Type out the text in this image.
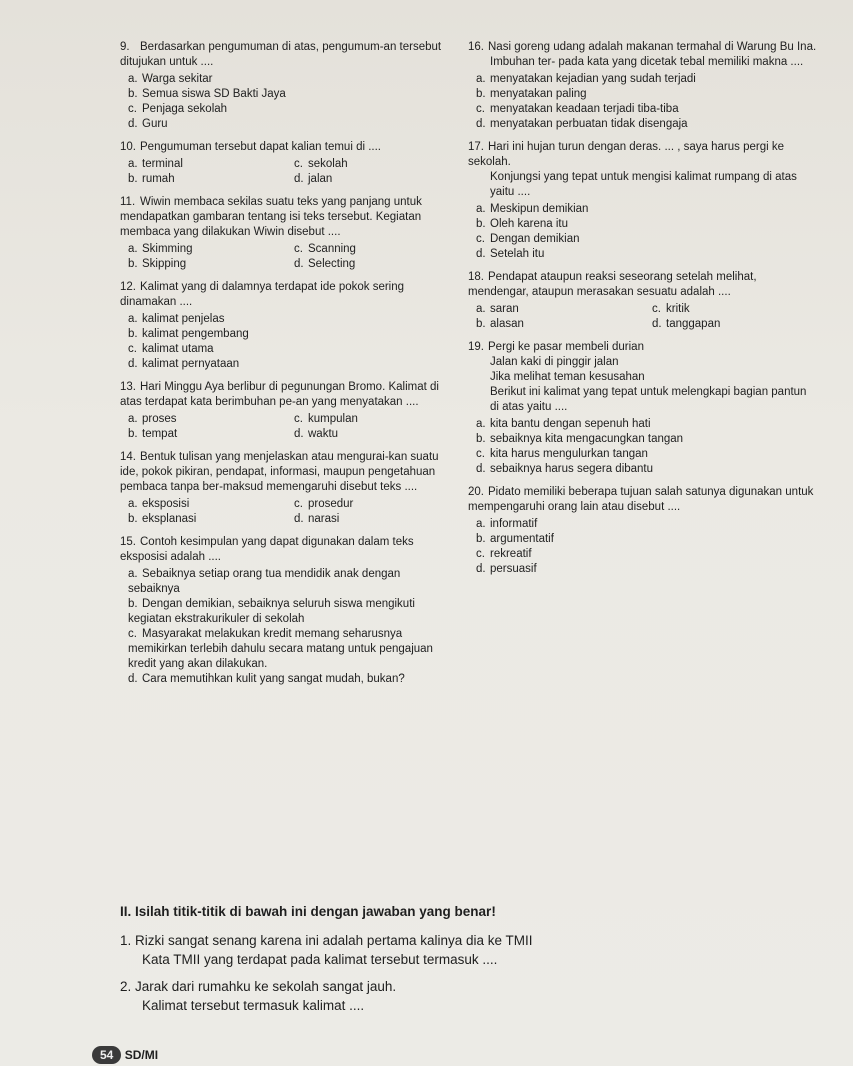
9. Berdasarkan pengumuman di atas, pengumum-an tersebut ditujukan untuk ....
a. Warga sekitar
b. Semua siswa SD Bakti Jaya
c. Penjaga sekolah
d. Guru
10. Pengumuman tersebut dapat kalian temui di ....
a. terminal	c. sekolah
b. rumah	d. jalan
11. Wiwin membaca sekilas suatu teks yang panjang untuk mendapatkan gambaran tentang isi teks tersebut. Kegiatan membaca yang dilakukan Wiwin disebut ....
a. Skimming	c. Scanning
b. Skipping	d. Selecting
12. Kalimat yang di dalamnya terdapat ide pokok sering dinamakan ....
a. kalimat penjelas
b. kalimat pengembang
c. kalimat utama
d. kalimat pernyataan
13. Hari Minggu Aya berlibur di pegunungan Bromo. Kalimat di atas terdapat kata berimbuhan pe-an yang menyatakan ....
a. proses	c. kumpulan
b. tempat	d. waktu
14. Bentuk tulisan yang menjelaskan atau mengurai-kan suatu ide, pokok pikiran, pendapat, informasi, maupun pengetahuan pembaca tanpa ber-maksud memengaruhi disebut teks ....
a. eksposisi	c. prosedur
b. eksplanasi	d. narasi
15. Contoh kesimpulan yang dapat digunakan dalam teks eksposisi adalah ....
a. Sebaiknya setiap orang tua mendidik anak dengan sebaiknya
b. Dengan demikian, sebaiknya seluruh siswa mengikuti kegiatan ekstrakurikuler di sekolah
c. Masyarakat melakukan kredit memang seharusnya memikirkan terlebih dahulu secara matang untuk pengajuan kredit yang akan dilakukan.
d. Cara memutihkan kulit yang sangat mudah, bukan?
16. Nasi goreng udang adalah makanan termahal di Warung Bu Ina.
Imbuhan ter- pada kata yang dicetak tebal memiliki makna ....
a. menyatakan kejadian yang sudah terjadi
b. menyatakan paling
c. menyatakan keadaan terjadi tiba-tiba
d. menyatakan perbuatan tidak disengaja
17. Hari ini hujan turun dengan deras. ... , saya harus pergi ke sekolah.
Konjungsi yang tepat untuk mengisi kalimat rumpang di atas yaitu ....
a. Meskipun demikian
b. Oleh karena itu
c. Dengan demikian
d. Setelah itu
18. Pendapat ataupun reaksi seseorang setelah melihat, mendengar, ataupun merasakan sesuatu adalah ....
a. saran	c. kritik
b. alasan	d. tanggapan
19. Pergi ke pasar membeli durian
Jalan kaki di pinggir jalan
Jika melihat teman kesusahan
Berikut ini kalimat yang tepat untuk melengkapi bagian pantun di atas yaitu ....
a. kita bantu dengan sepenuh hati
b. sebaiknya kita mengacungkan tangan
c. kita harus mengulurkan tangan
d. sebaiknya harus segera dibantu
20. Pidato memiliki beberapa tujuan salah satunya digunakan untuk mempengaruhi orang lain atau disebut ....
a. informatif
b. argumentatif
c. rekreatif
d. persuasif
II. Isilah titik-titik di bawah ini dengan jawaban yang benar!
1. Rizki sangat senang karena ini adalah pertama kalinya dia ke TMII
Kata TMII yang terdapat pada kalimat tersebut termasuk ....
2. Jarak dari rumahku ke sekolah sangat jauh.
Kalimat tersebut termasuk kalimat ....
54 SD/MI
